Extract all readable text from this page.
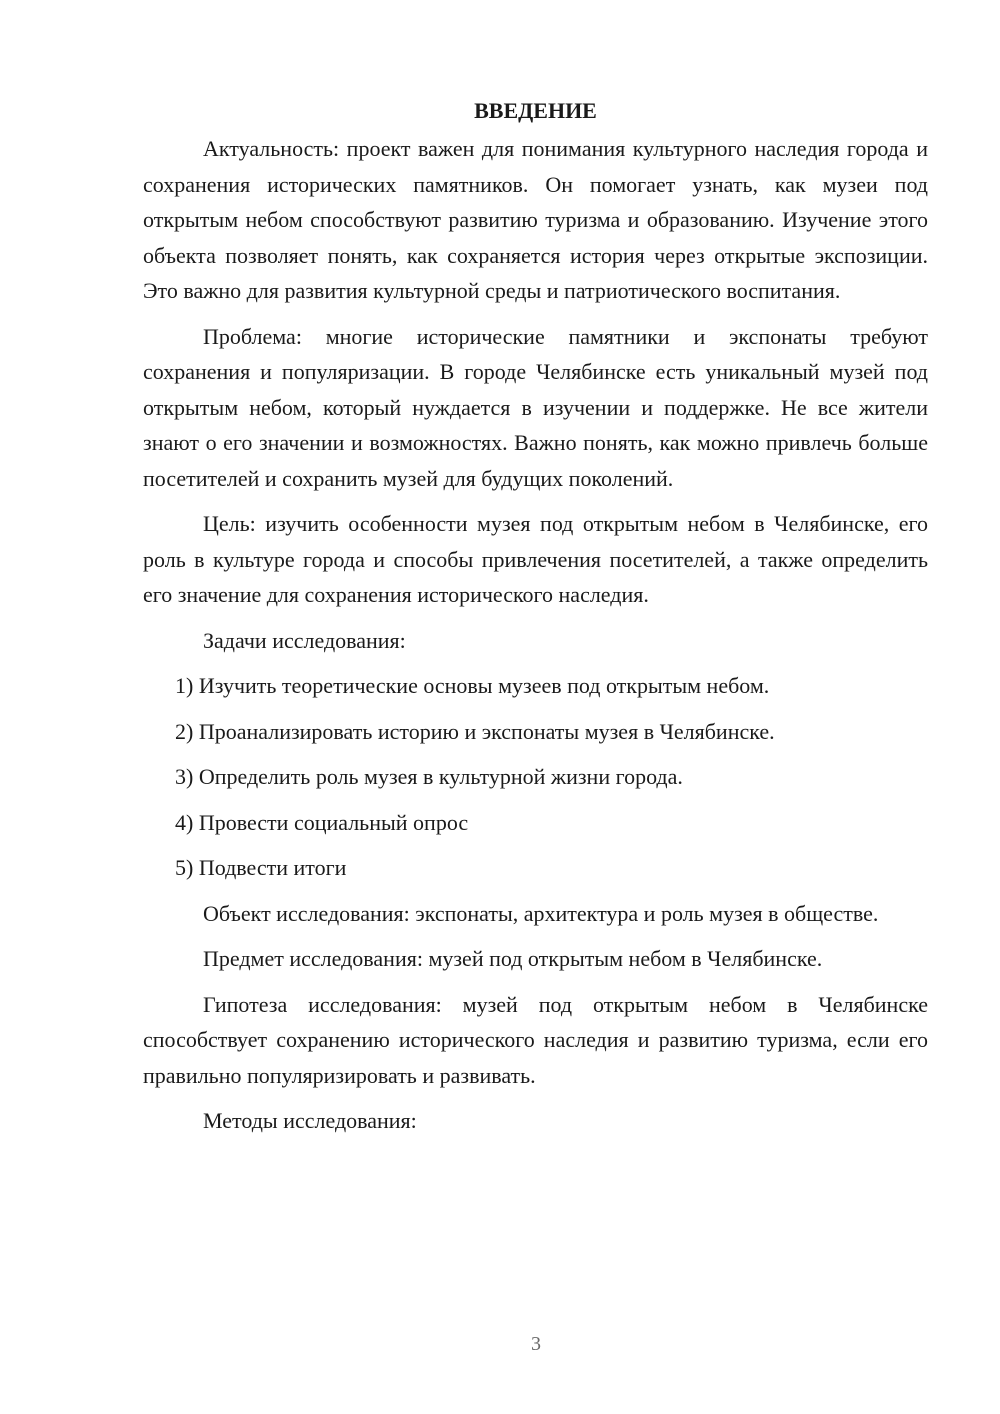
ВВЕДЕНИЕ

Актуальность: проект важен для понимания культурного наследия города и сохранения исторических памятников. Он помогает узнать, как музеи под открытым небом способствуют развитию туризма и образованию. Изучение этого объекта позволяет понять, как сохраняется история через открытые экспозиции. Это важно для развития культурной среды и патриотического воспитания.

Проблема: многие исторические памятники и экспонаты требуют сохранения и популяризации. В городе Челябинске есть уникальный музей под открытым небом, который нуждается в изучении и поддержке. Не все жители знают о его значении и возможностях. Важно понять, как можно привлечь больше посетителей и сохранить музей для будущих поколений.

Цель: изучить особенности музея под открытым небом в Челябинске, его роль в культуре города и способы привлечения посетителей, а также определить его значение для сохранения исторического наследия.

Задачи исследования:

1) Изучить теоретические основы музеев под открытым небом.
2) Проанализировать историю и экспонаты музея в Челябинске.
3) Определить роль музея в культурной жизни города.
4) Провести социальный опрос
5) Подвести итоги

Объект исследования: экспонаты, архитектура и роль музея в обществе.

Предмет исследования: музей под открытым небом в Челябинске.

Гипотеза исследования: музей под открытым небом в Челябинске способствует сохранению исторического наследия и развитию туризма, если его правильно популяризировать и развивать.

Методы исследования:

3
